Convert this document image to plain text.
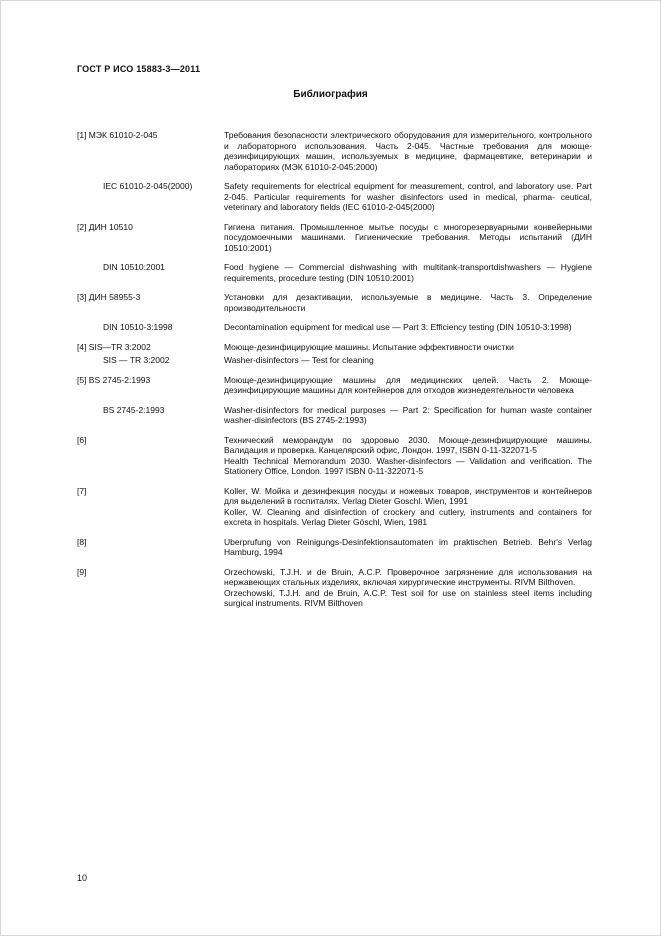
ГОСТ Р ИСО 15883-3—2011
Библиография
[1] МЭК 61010-2-045	Требования безопасности электрического оборудования для измерительного, контрольного и лабораторного использования. Часть 2-045. Частные требования для моюще-дезинфицирующих машин, используемых в медицине, фармацевтике, ветеринарии и лабораториях (МЭК 61010-2-045:2000)

IEC 61010-2-045(2000)	Safety requirements for electrical equipment for measurement, control, and laboratory use. Part 2-045. Particular requirements for washer disinfectors used in medical, pharma- ceutical, veterinary and laboratory fields (IEC 61010-2-045(2000)

[2] ДИН 10510	Гигиена питания. Промышленное мытье посуды с многорезервуарными конвейерными посудомоечными машинами. Гигиенические требования. Методы испытаний (ДИН 10510:2001)

DIN 10510:2001	Food hygiene — Commercial dishwashing with multitank-transportdishwashers — Hygiene requirements, procedure testing (DIN 10510:2001)

[3] ДИН 58955-3	Установки для дезактивации, используемые в медицине. Часть 3. Определение производительности

DIN 10510-3:1998	Decontamination equipment for medical use — Part 3: Efficiency testing (DIN 10510-3:1998)

[4] SIS—TR 3:2002	Моюще-дезинфицирующие машины. Испытание эффективности очистки

SIS — TR 3:2002	Washer-disinfectors — Test for cleaning

[5] BS 2745-2:1993	Моюще-дезинфицирующие машины для медицинских целей. Часть 2. Моюще-дезинфицирующие машины для контейнеров для отходов жизнедеятельности человека

BS 2745-2:1993	Washer-disinfectors for medical purposes — Part 2: Specification for human waste container washer-disinfectors (BS 2745-2:1993)

[6]	Технический меморандум по здоровью 2030. Моюще-дезинфицирующие машины. Валидация и проверка. Канцелярский офис, Лондон. 1997, ISBN 0-11-322071-5

Health Technical Memorandum 2030. Washer-disinfectors — Validation and verification. The Stationery Office, London. 1997 ISBN 0-11-322071-5

[7]	Koller, W. Мойка и дезинфекция посуды и ножевых товаров, инструментов и контейнеров для выделений в госпиталях. Verlag Dieter Goschl. Wien, 1991

Koller, W. Cleaning and disinfection of crockery and cutlery, instruments and containers for excreta in hospitals. Verlag Dieter Göschl, Wien, 1981

[8]	Uberprufung von Reinigungs-Desinfektionsautomaten im praktischen Betrieb. Behr's Verlag Hamburg, 1994

[9]	Orzechowski, T.J.H. и de Bruin, A.C.P. Проверочное загрязнение для использования на нержавеющих стальных изделиях, включая хирургические инструменты. RIVM Bilthoven.

Orzechowski, T.J.H. and de Bruin, A.C.P. Test soil for use on stainless steel items including surgical instruments. RIVM Bilthoven

10
